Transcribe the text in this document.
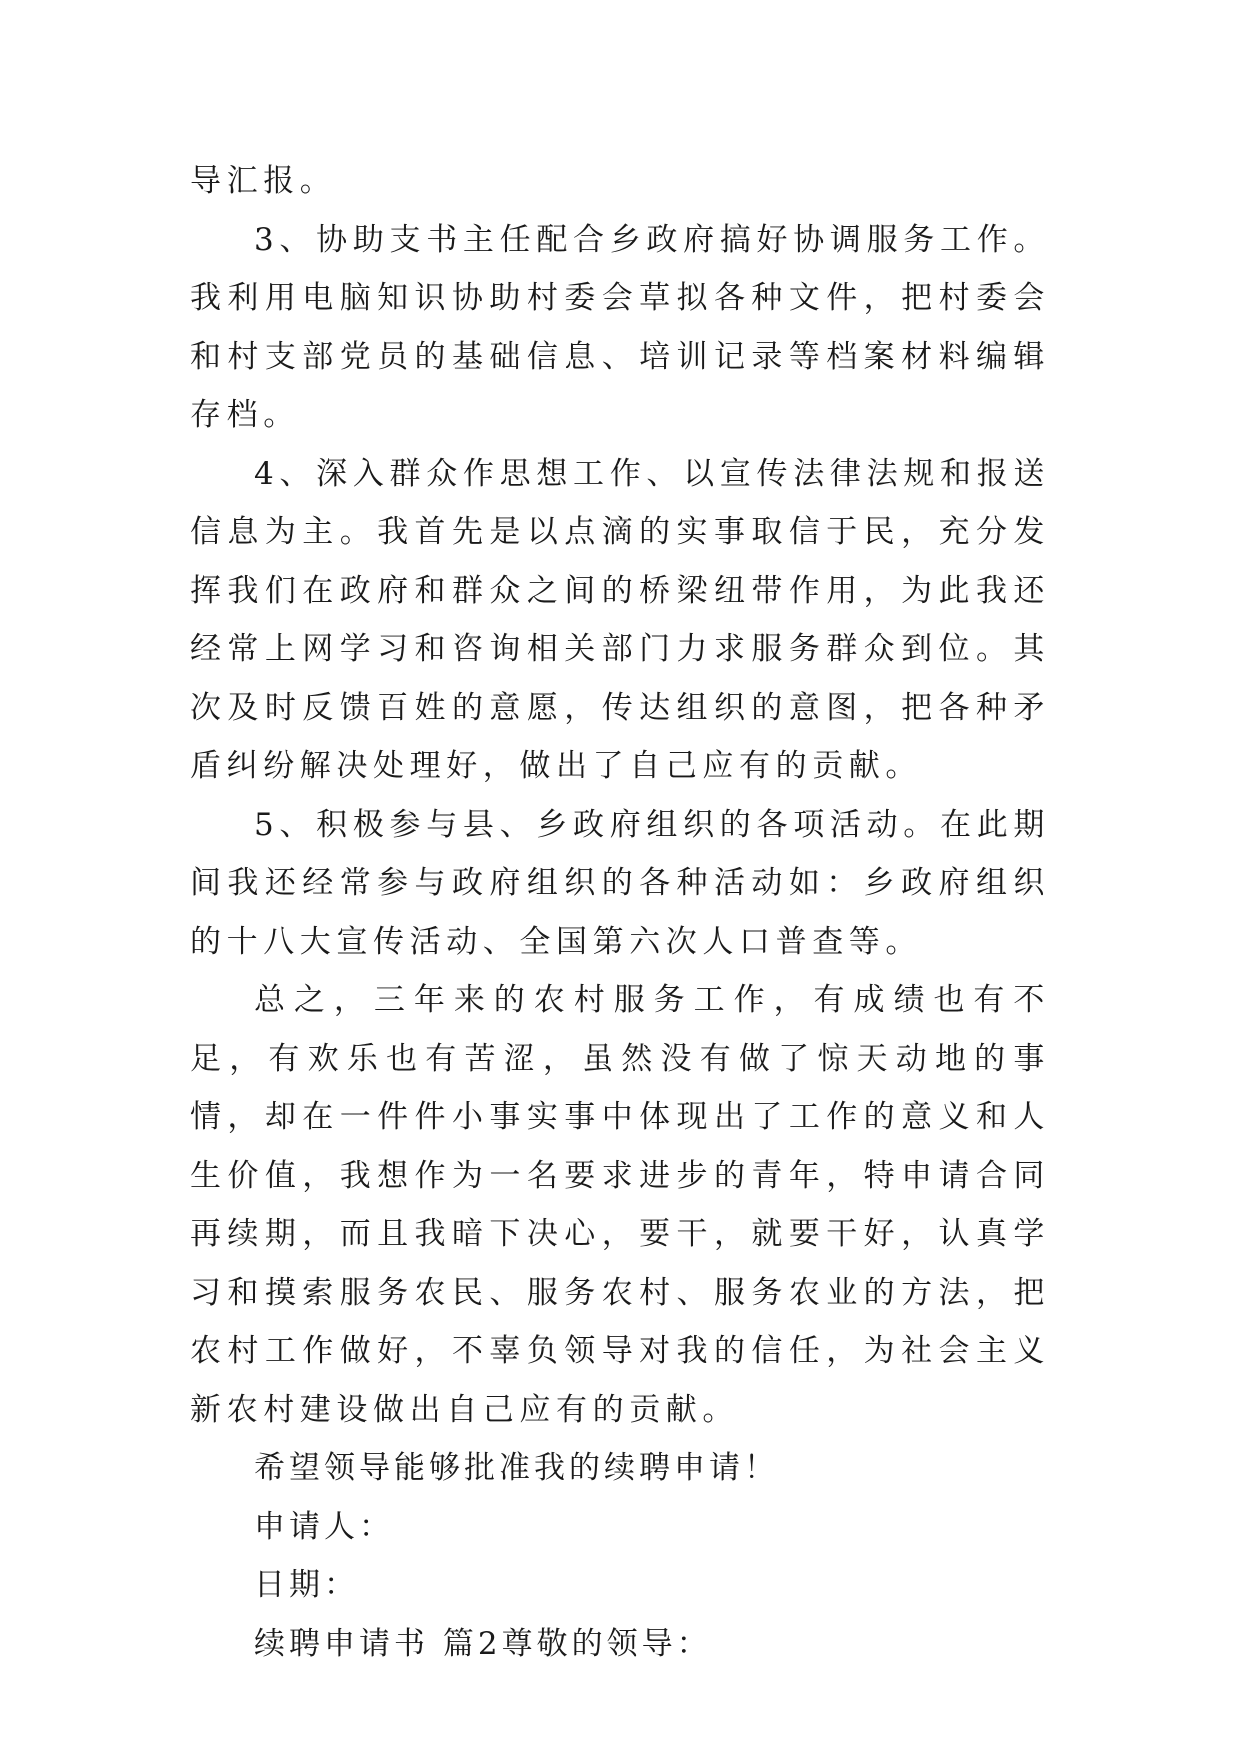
导汇报。

3、协助支书主任配合乡政府搞好协调服务工作。我利用电脑知识协助村委会草拟各种文件，把村委会和村支部党员的基础信息、培训记录等档案材料编辑存档。

4、深入群众作思想工作、以宣传法律法规和报送信息为主。我首先是以点滴的实事取信于民，充分发挥我们在政府和群众之间的桥梁纽带作用，为此我还经常上网学习和咨询相关部门力求服务群众到位。其次及时反馈百姓的意愿，传达组织的意图，把各种矛盾纠纷解决处理好，做出了自己应有的贡献。

5、积极参与县、乡政府组织的各项活动。在此期间我还经常参与政府组织的各种活动如：乡政府组织的十八大宣传活动、全国第六次人口普查等。

总之，三年来的农村服务工作，有成绩也有不足，有欢乐也有苦涩，虽然没有做了惊天动地的事情，却在一件件小事实事中体现出了工作的意义和人生价值，我想作为一名要求进步的青年，特申请合同再续期，而且我暗下决心，要干，就要干好，认真学习和摸索服务农民、服务农村、服务农业的方法，把农村工作做好，不辜负领导对我的信任，为社会主义新农村建设做出自己应有的贡献。

希望领导能够批准我的续聘申请！

申请人：

日期：

续聘申请书 篇2尊敬的领导：
